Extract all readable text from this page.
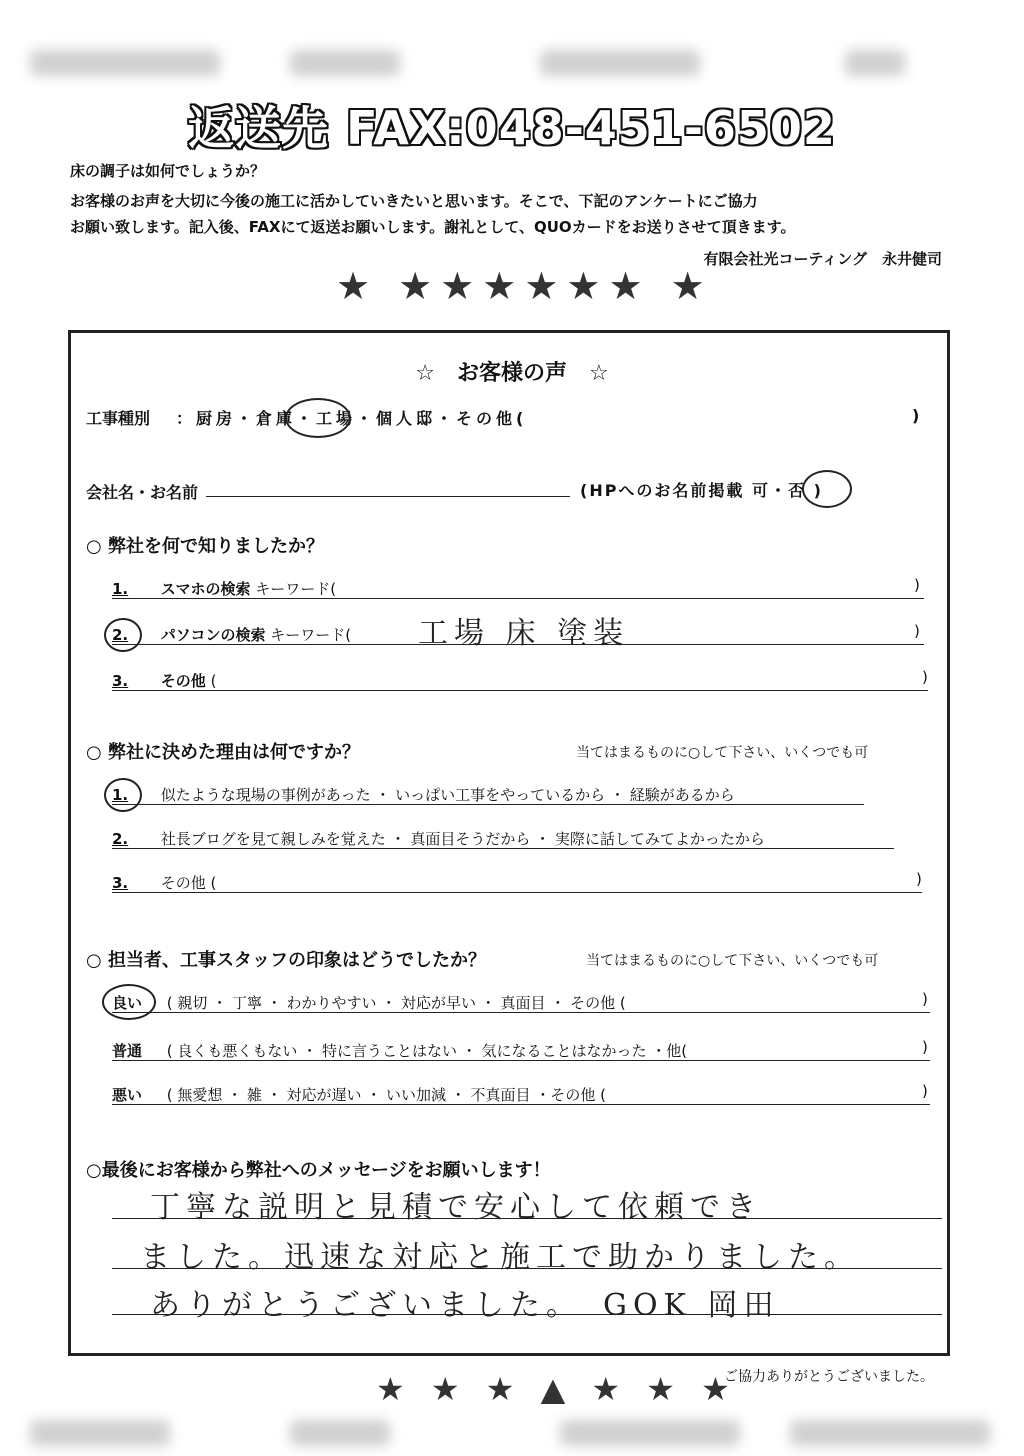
返送先 FAX:048-451-6502
床の調子は如何でしょうか？
お客様のお声を大切に今後の施工に活かしていきたいと思います。そこで、下記のアンケートにご協力
お願い致します。記入後、FAXにて返送お願いします。謝礼として、QUOカードをお送りさせて頂きます。
有限会社光コーティング　永井健司
★ ★★★★★★ ★
☆　お客様の声　☆
工事種別 ：厨房・倉庫・工場・個人邸・その他(	)
会社名・お名前	(HPへのお名前掲載 可・否 )
○ 弊社を何で知りましたか？
1. スマホの検索 キーワード(	)
2. パソコンの検索 キーワード( 工場 床 塗装	)
3. その他 (	)
○ 弊社に決めた理由は何ですか？	当てはまるものに○して下さい、いくつでも可
1. 似たような現場の事例があった ・ いっぱい工事をやっているから ・ 経験があるから
2. 社長ブログを見て親しみを覚えた ・ 真面目そうだから ・ 実際に話してみてよかったから
3. その他 (	)
○ 担当者、工事スタッフの印象はどうでしたか？	当てはまるものに○して下さい、いくつでも可
良い ( 親切 ・ 丁寧 ・ わかりやすい ・ 対応が早い ・ 真面目 ・ その他 (	)
普通 ( 良くも悪くもない ・ 特に言うことはない ・ 気になることはなかった ・他(	)
悪い ( 無愛想 ・ 雑 ・ 対応が遅い ・ いい加減 ・ 不真面目 ・その他 (	)
○最後にお客様から弊社へのメッセージをお願いします！
丁寧な説明と見積で安心して依頼でき
ました。迅速な対応と施工で助かりました。
ありがとうございました。　GOK 岡田
ご協力ありがとうございました。
★ ★ ★ ▲ ★ ★ ★
